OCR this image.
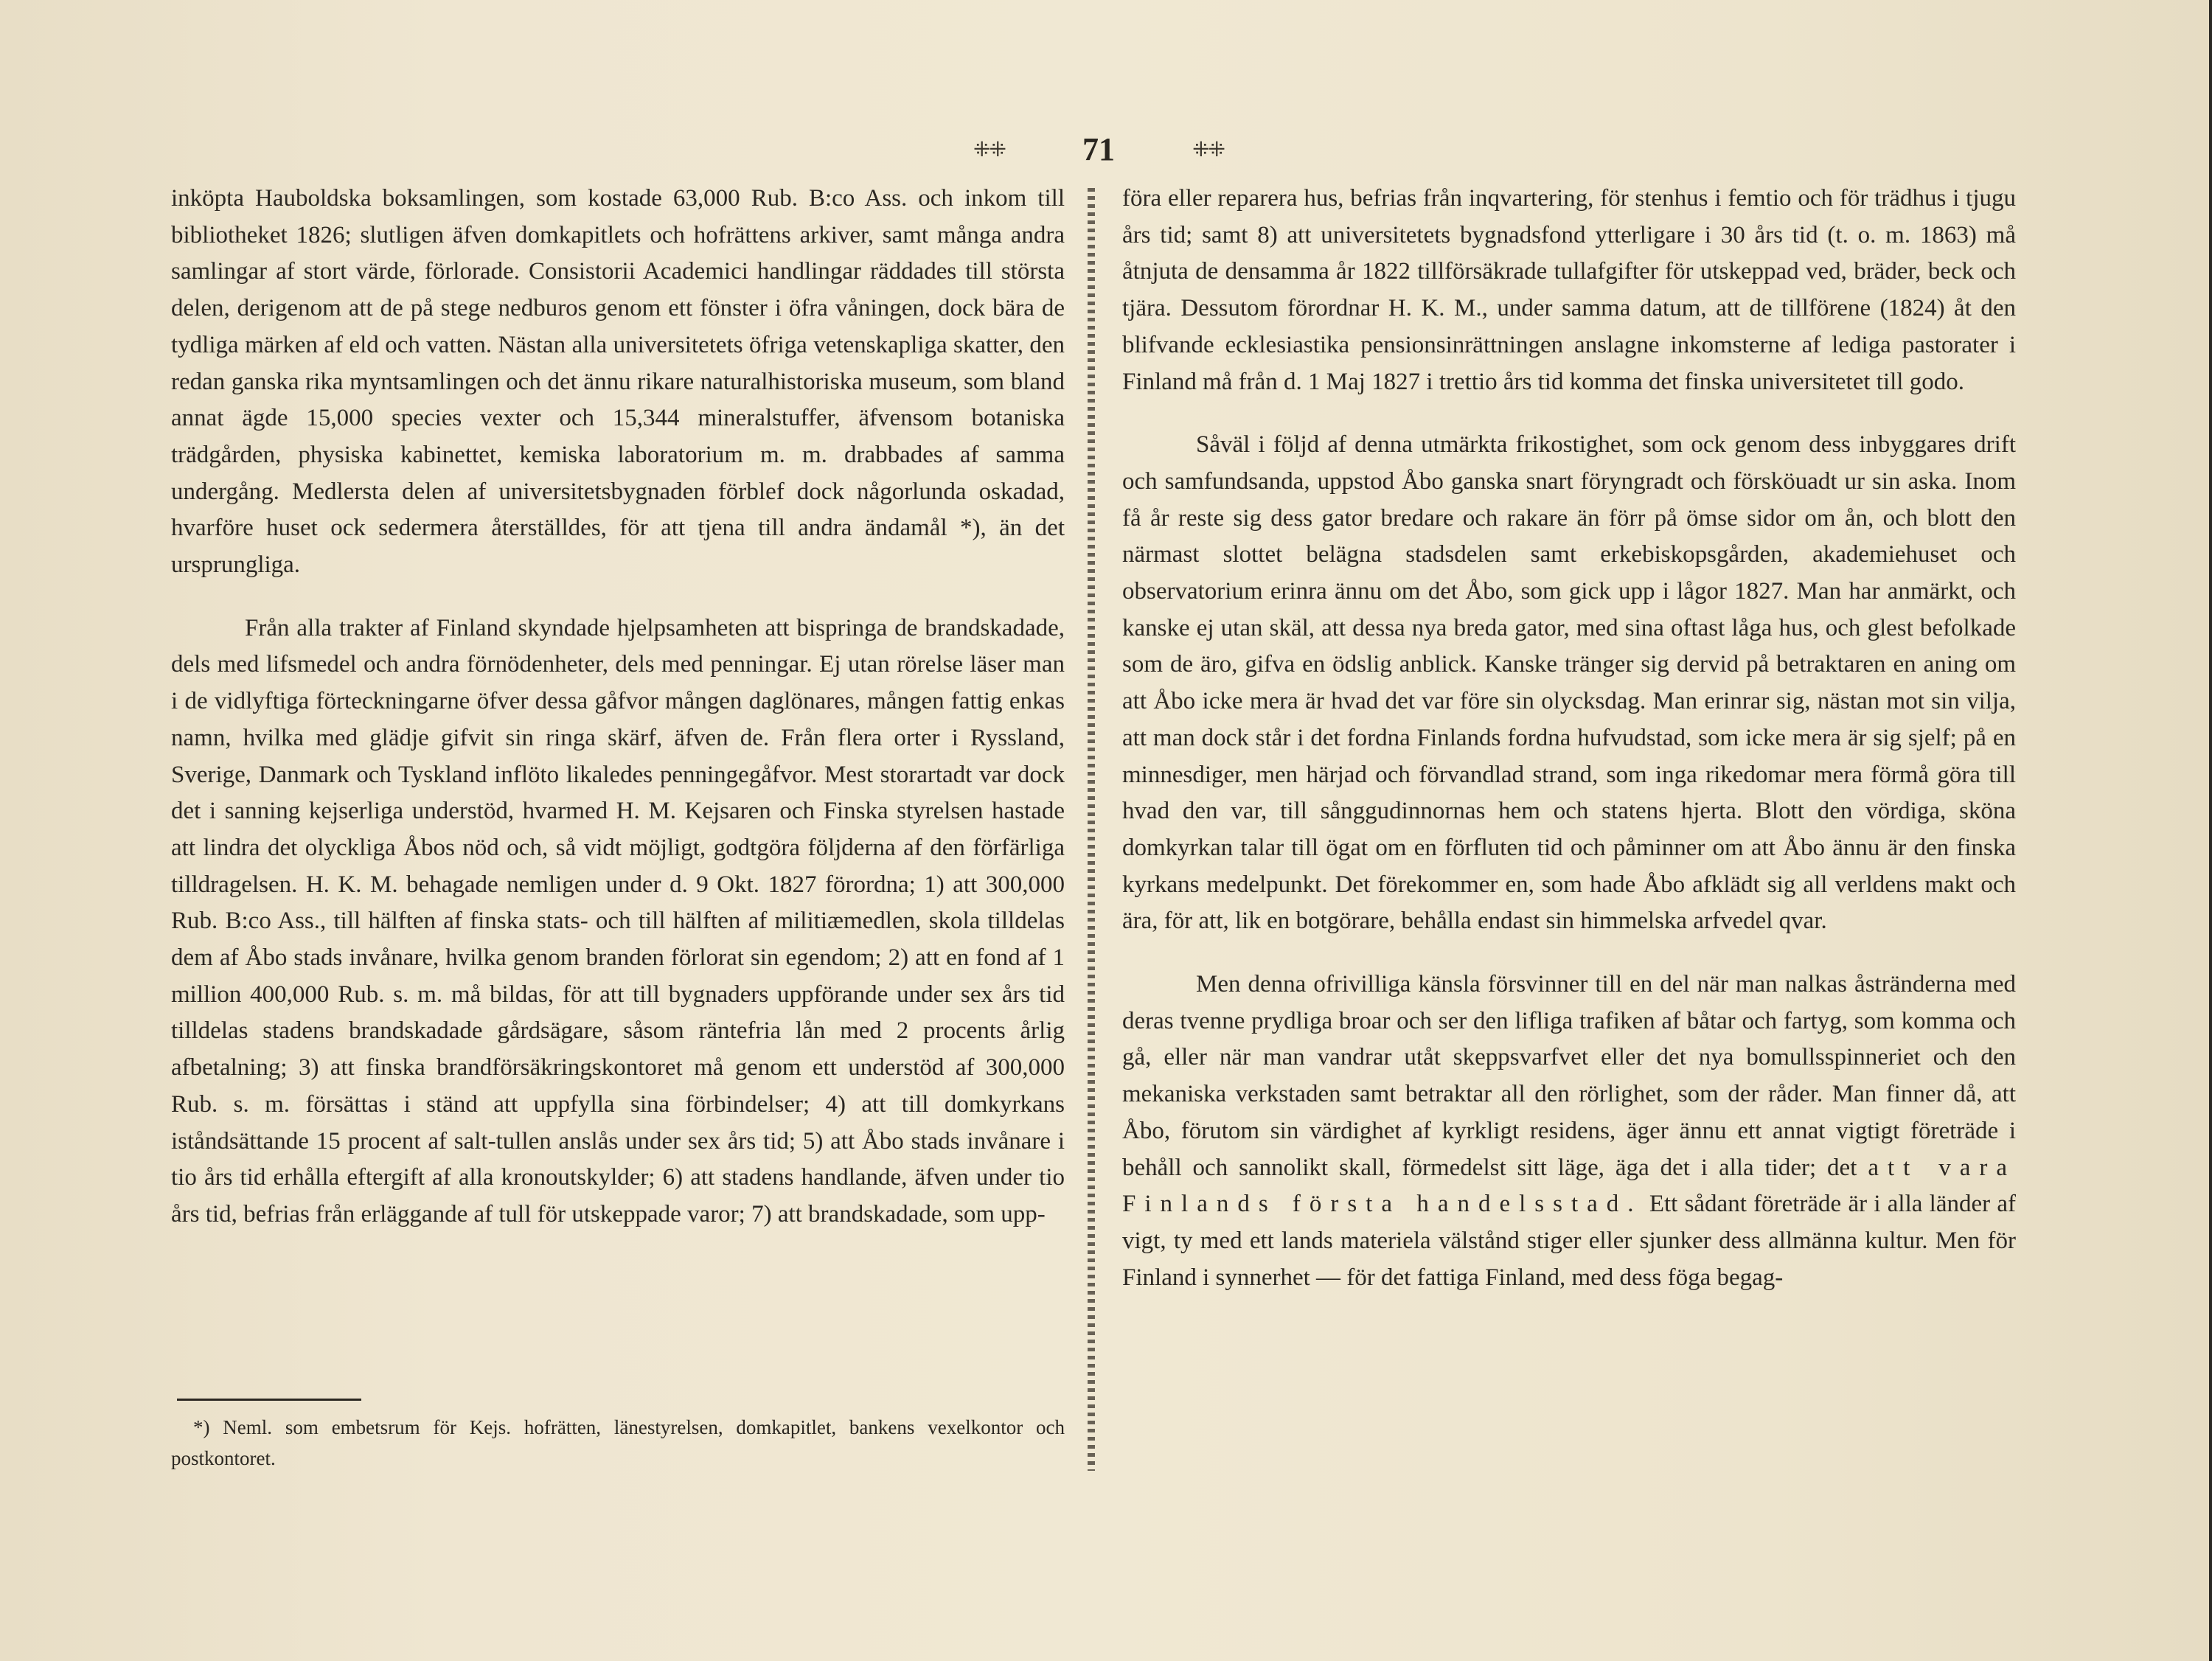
⁜⁜ 71	⁜⁜

inköpta Hauboldska boksamlingen, som kostade 63,000 Rub. B:co Ass. och inkom till bibliotheket 1826; slutligen äfven domkapitlets och hofrättens arkiver, samt många andra samlingar af stort värde, förlorade. Consistorii Academici handlingar räddades till största delen, derigenom att de på stege nedburos genom ett fönster i öfra våningen, dock bära de tydliga märken af eld och vatten. Nästan alla universitetets öfriga vetenskapliga skatter, den redan ganska rika myntsamlingen och det ännu rikare naturalhistoriska museum, som bland annat ägde 15,000 species vexter och 15,344 mineralstuffer, äfvensom botaniska trädgården, physiska kabinettet, kemiska laboratorium m. m. drabbades af samma undergång. Medlersta delen af universitetsbygnaden förblef dock någorlunda oskadad, hvarföre huset ock sedermera återställdes, för att tjena till andra ändamål *), än det ursprungliga.

Från alla trakter af Finland skyndade hjelpsamheten att bispringa de brandskadade, dels med lifsmedel och andra förnödenheter, dels med penningar. Ej utan rörelse läser man i de vidlyftiga förteckningarne öfver dessa gåfvor mången daglönares, mången fattig enkas namn, hvilka med glädje gifvit sin ringa skärf, äfven de. Från flera orter i Ryssland, Sverige, Danmark och Tyskland inflöto likaledes penningegåfvor. Mest storartadt var dock det i sanning kejserliga understöd, hvarmed H. M. Kejsaren och Finska styrelsen hastade att lindra det olyckliga Åbos nöd och, så vidt möjligt, godtgöra följderna af den förfärliga tilldragelsen. H. K. M. behagade nemligen under d. 9 Okt. 1827 förordna; 1) att 300,000 Rub. B:co Ass., till hälften af finska stats- och till hälften af militiæmedlen, skola tilldelas dem af Åbo stads invånare, hvilka genom branden förlorat sin egendom; 2) att en fond af 1 million 400,000 Rub. s. m. må bildas, för att till bygnaders uppförande under sex års tid tilldelas stadens brandskadade gårdsägare, såsom räntefria lån med 2 procents årlig afbetalning; 3) att finska brandförsäkringskontoret må genom ett understöd af 300,000 Rub. s. m. försättas i ständ att uppfylla sina förbindelser; 4) att till domkyrkans iståndsättande 15 procent af salt-tullen anslås under sex års tid; 5) att Åbo stads invånare i tio års tid erhålla eftergift af alla kronoutskylder; 6) att stadens handlande, äfven under tio års tid, befrias från erläggande af tull för utskeppade varor; 7) att brandskadade, som upp-

*) Neml. som embetsrum för Kejs. hofrätten, länestyrelsen, domkapitlet, bankens vexelkontor och postkontoret.

föra eller reparera hus, befrias från inqvartering, för stenhus i femtio och för trädhus i tjugu års tid; samt 8) att universitetets bygnadsfond ytterligare i 30 års tid (t. o. m. 1863) må åtnjuta de densamma år 1822 tillförsäkrade tullafgifter för utskeppad ved, bräder, beck och tjära. Dessutom förordnar H. K. M., under samma datum, att de tillförene (1824) åt den blifvande ecklesiastika pensionsinrättningen anslagne inkomsterne af lediga pastorater i Finland må från d. 1 Maj 1827 i trettio års tid komma det finska universitetet till godo.

Såväl i följd af denna utmärkta frikostighet, som ock genom dess inbyggares drift och samfundsanda, uppstod Åbo ganska snart föryngradt och försköuadt ur sin aska. Inom få år reste sig dess gator bredare och rakare än förr på ömse sidor om ån, och blott den närmast slottet belägna stadsdelen samt erkebiskopsgården, akademiehuset och observatorium erinra ännu om det Åbo, som gick upp i lågor 1827. Man har anmärkt, och kanske ej utan skäl, att dessa nya breda gator, med sina oftast låga hus, och glest befolkade som de äro, gifva en ödslig anblick. Kanske tränger sig dervid på betraktaren en aning om att Åbo icke mera är hvad det var före sin olycksdag. Man erinrar sig, nästan mot sin vilja, att man dock står i det fordna Finlands fordna hufvudstad, som icke mera är sig sjelf; på en minnesdiger, men härjad och förvandlad strand, som inga rikedomar mera förmå göra till hvad den var, till sånggudinnornas hem och statens hjerta. Blott den vördiga, sköna domkyrkan talar till ögat om en förfluten tid och påminner om att Åbo ännu är den finska kyrkans medelpunkt. Det förekommer en, som hade Åbo afklädt sig all verldens makt och ära, för att, lik en botgörare, behålla endast sin himmelska arfvedel qvar.

Men denna ofrivilliga känsla försvinner till en del när man nalkas åstränderna med deras tvenne prydliga broar och ser den lifliga trafiken af båtar och fartyg, som komma och gå, eller när man vandrar utåt skeppsvarfvet eller det nya bomullsspinneriet och den mekaniska verkstaden samt betraktar all den rörlighet, som der råder. Man finner då, att Åbo, förutom sin värdighet af kyrkligt residens, äger ännu ett annat vigtigt företräde i behåll och sannolikt skall, förmedelst sitt läge, äga det i alla tider; det att vara Finlands första handelsstad. Ett sådant företräde är i alla länder af vigt, ty med ett lands materiela välstånd stiger eller sjunker dess allmänna kultur. Men för Finland i synnerhet — för det fattiga Finland, med dess föga begag-
